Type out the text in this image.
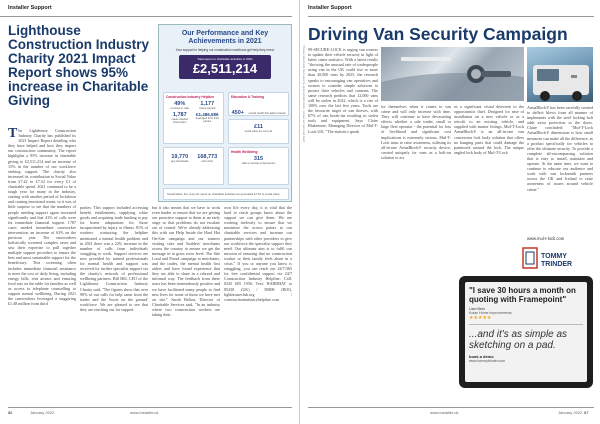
Installer Support
Lighthouse Construction Industry Charity 2021 Impact Report shows 95% increase in Charitable Giving
T he Lighthouse Construction Industry Charity has published its 2021 Impact Report detailing who they have helped and how they impact our construction community. The report highlights a 95% increase in charitable giving to £2,511,214 and an increase of 15% in the number of our workforce seeking support. The charity also increased its contribution to Social Value from £7.42 to £7.52 for every £1 of charitable spend. 2021 continued to be a tough year for many in the industry, starting with another period of lockdown and causing emotional strain, so it was of little surprise to see that the numbers of people needing support again increased significantly and that 41% of calls were for immediate financial support. 1787 cases needed immediate caseworker intervention, an increase of 63% on the previous year. The caseworkers holistically screened complex cases and saw their expertise to pull together multiple support providers to ensure the best and most sustainable support for the beneficiary. This screening often includes immediate financial assistance to meet the cost of daily living, including energy bills, rent arrears and ensuring food was on the table for families as well as access to telephone counselling to support mental wellbeing. During 2021 the caseworkers leveraged a staggering £1.48 million from third
parties. This support included accessing benefit entitlements, supplying white goods and acquiring trade funding to pay for home adaptations for those incapacitated by injury or illness. 81% of workers contacting the helpline mentioned a mental health problem and in 2021 there was a 22% increase in the number of calls from individuals struggling to work. Support services are now provided by trained professionals for mental health and support was received for further specialist support via the charity's network of professional wellbeing partners. Bill Hill, CEO of the Lighthouse Construction Industry Charity said, "The figures show that over 90% of our calls for help came from the trades and the 'boots on the ground' workforce. We are pleased to see that they are reaching out for support
but it also means that we have to work even harder to ensure that we are getting our proactive support to them at an early stage so that problems do not escalate out of control. We're already addressing this with our Help Inside the Hard Hat On-Site campaign and our trainers visiting sites and 'builders' merchants across the country to ensure we get the message in at grass roots level. The Site Loud and Proud campaign at merchants, and the trades, the mental health first aiders and have found experience that they are able to share in a relaxed and informal way. The feedback from these tours has been tremendously positive and we have facilitated many people to find new lives for some of those we have met on site." Sarah Belton, Director of Charitable Services said, "In an industry where two construction workers are taking their
own life every day, it is vital that the hard to reach groups know about the support we can give them. We are working tirelessly to ensure that we maximise the access points to our charitable services and increase our partnerships with other providers to give our workforce the specialist support they need. Our ultimate aim is to fulfil our mission of ensuring that no construction worker or their family feels alone in a crisis." If you or anyone you know is struggling, you can reach out 24/7/365 for free confidential support via 24/7 Construction Industry Helpline: Call: 0345 605 1956, Text: HARDHAT to 85258 (UK) / 50808 (ROI), lighthouseclub.org / constructionindustryhelpline.com
Our Performance and Key Achievements in 2021
Your support in helping our construction workforce get help they need.
Total spent on charitable activities in 2021
£2,511,214
Construction Industry Helpline
49%
increase in calls
1,177
cases opened
1,787
cases needed intervention
£1,486,586
leveraged from third parties
Education & Training
450+ mental health first aiders trained
£11
social value for every £1
19,770
app downloads
168,773
web visits
Health Wellbeing
315
calls on anxiety & depression
Social Value: For every £1 spent on charitable activities we generated £7.52 of social value
86	January 2022	www.installer.uk
Installer Support
Driving Van Security Campaign
Thieves steal tools from vans by peeling back locks - known as 'peel and steal' 99-SECURE-LOCK is urging van owners to update their vehicle security in light of latest crime statistics. With a latest results "showing the unusual rate of tradespeople using van in the UK could rise to more than 20,000 vans by 2025, the research speaks to encouraging van operatives and owners to consider simple solutions to protect their vehicles and contents. The same research predicts that 12,000 vans will be stolen in 2022, which is a rise of 100% over the last five years. Tools are the favourite target of van thieves, with 67% of van break-ins resulting in stolen tools and equipment. Says Claire Blakemore, Managing Director of Mul-T-Lock UK: "The statistics speak
for themselves when it comes to van crime and will only increase with time. They will continue to have devastating effects whether a sole trader, small or large fleet operator - the potential for loss of livelihood and significant cost implications is extremely serious. Mul-T-Lock aims to raise awareness, utilising its all-in-one ArmaBlock® security device, created uniquely for vans as a bolt-on solution to act
as a significant visual deterrent to the opportunistic thief. Designed for ease of installation on a new vehicle or as a retrofit to an existing vehicle, and supplied with master fittings, Mul-T-Lock ArmaBlock® is an all-in-one van conversion lock body solution that offers no hanging parts that could damage the paintwork around the lock. The unique angled lock body of Mul-T-Lock
ArmaBlock® has been carefully created to deflect blows from all manner of implements with the steel locking bolt adds extra protection to the doors. Claire concluded: "Mul-T-Lock ArmaBlock® dimensions is how small measures can make all the difference, as a product specifically for vehicles to offer the ultimate security. To provide a complete all-encompassing solution that is easy to install, maintain and operate. At the same time, we want to continue to educate our audience and work with van locksmith partners across the UK and Ireland to raise awareness of issues around vehicle crime."
www.mul-t-lock.com
TOMMY
TRINDER
"I save 30 hours a month on quoting with Framepoint"
Liam Best
Kotan Home Improvements
★★★★★
...and it's as simple as sketching on a pad.
book a demo
www.tommytrinder.com
www.installer.uk	January 2022 87
